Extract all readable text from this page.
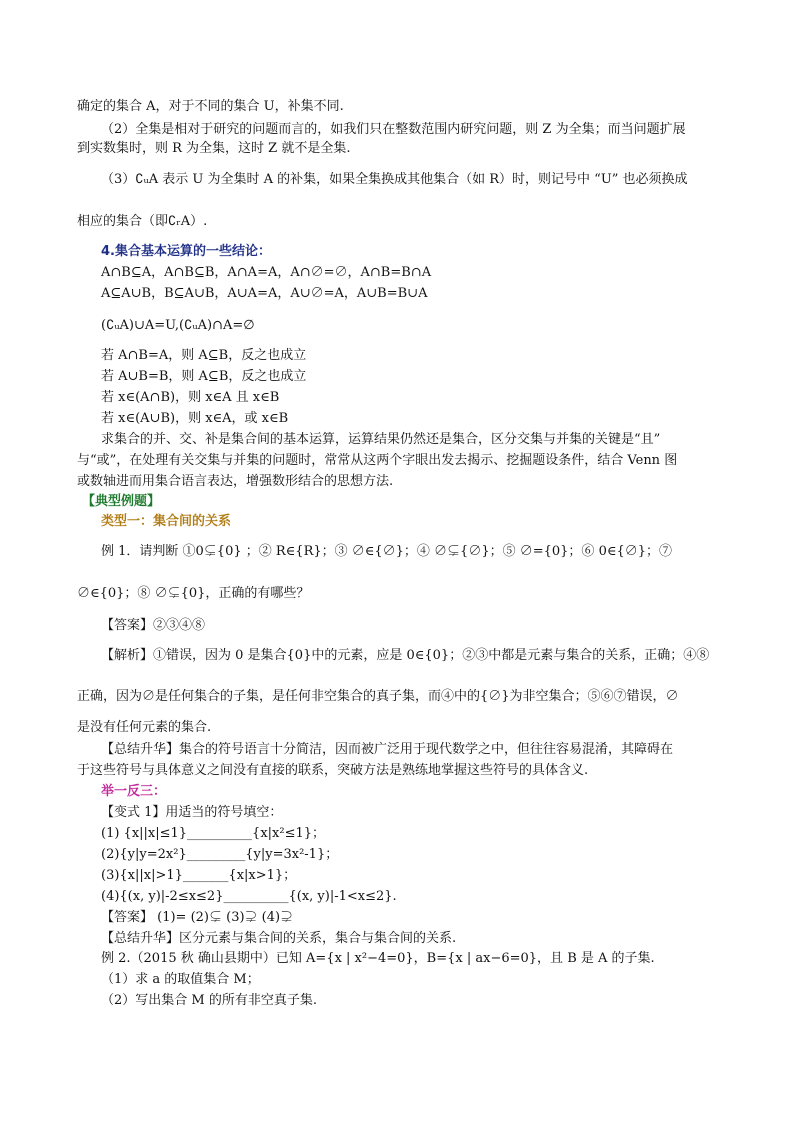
确定的集合 A，对于不同的集合 U，补集不同.
（2）全集是相对于研究的问题而言的，如我们只在整数范围内研究问题，则 Z 为全集；而当问题扩展
到实数集时，则 R 为全集，这时 Z 就不是全集.
（3）∁ᵤA 表示 U 为全集时 A 的补集，如果全集换成其他集合（如 R）时，则记号中 “U” 也必须换成
相应的集合（即∁ᵣA）.
4.集合基本运算的一些结论：
A∩B⊆A，A∩B⊆B，A∩A=A，A∩∅=∅，A∩B=B∩A
A⊆A∪B，B⊆A∪B，A∪A=A，A∪∅=A，A∪B=B∪A
(∁ᵤA)∪A=U,(∁ᵤA)∩A=∅
若 A∩B=A，则 A⊆B，反之也成立
若 A∪B=B，则 A⊆B，反之也成立
若 x∈(A∩B)，则 x∈A 且 x∈B
若 x∈(A∪B)，则 x∈A，或 x∈B
求集合的并、交、补是集合间的基本运算，运算结果仍然还是集合，区分交集与并集的关键是“且”
与“或”，在处理有关交集与并集的问题时，常常从这两个字眼出发去揭示、挖掘题设条件，结合 Venn 图
或数轴进而用集合语言表达，增强数形结合的思想方法.
【典型例题】
类型一：集合间的关系
例 1．请判断 ①0⊊{0} ；② R∈{R}；③ ∅∈{∅}；④ ∅⊊{∅}；⑤ ∅={0}；⑥ 0∈{∅}；⑦
∅∈{0}；⑧ ∅⊊{0}，正确的有哪些？
【答案】②③④⑧
【解析】①错误，因为 0 是集合{0}中的元素，应是 0∈{0}；②③中都是元素与集合的关系，正确；④⑧
正确，因为∅是任何集合的子集，是任何非空集合的真子集，而④中的{∅}为非空集合；⑤⑥⑦错误，∅
是没有任何元素的集合.
【总结升华】集合的符号语言十分简洁，因而被广泛用于现代数学之中，但往往容易混淆，其障碍在
于这些符号与具体意义之间没有直接的联系，突破方法是熟练地掌握这些符号的具体含义.
举一反三：
【变式 1】用适当的符号填空：
(1) {x||x|≤1}__________{x|x²≤1}；
(2){y|y=2x²}_________{y|y=3x²-1}；
(3){x||x|>1}_______{x|x>1}；
(4){(x, y)|-2≤x≤2}__________{(x, y)|-1<x≤2}.
【答案】 (1)= (2)⊊ (3)⊋ (4)⊋
【总结升华】区分元素与集合间的关系，集合与集合间的关系.
例 2.（2015 秋 确山县期中）已知 A={x | x²−4=0}，B={x | ax−6=0}，且 B 是 A 的子集.
（1）求 a 的取值集合 M；
（2）写出集合 M 的所有非空真子集.
